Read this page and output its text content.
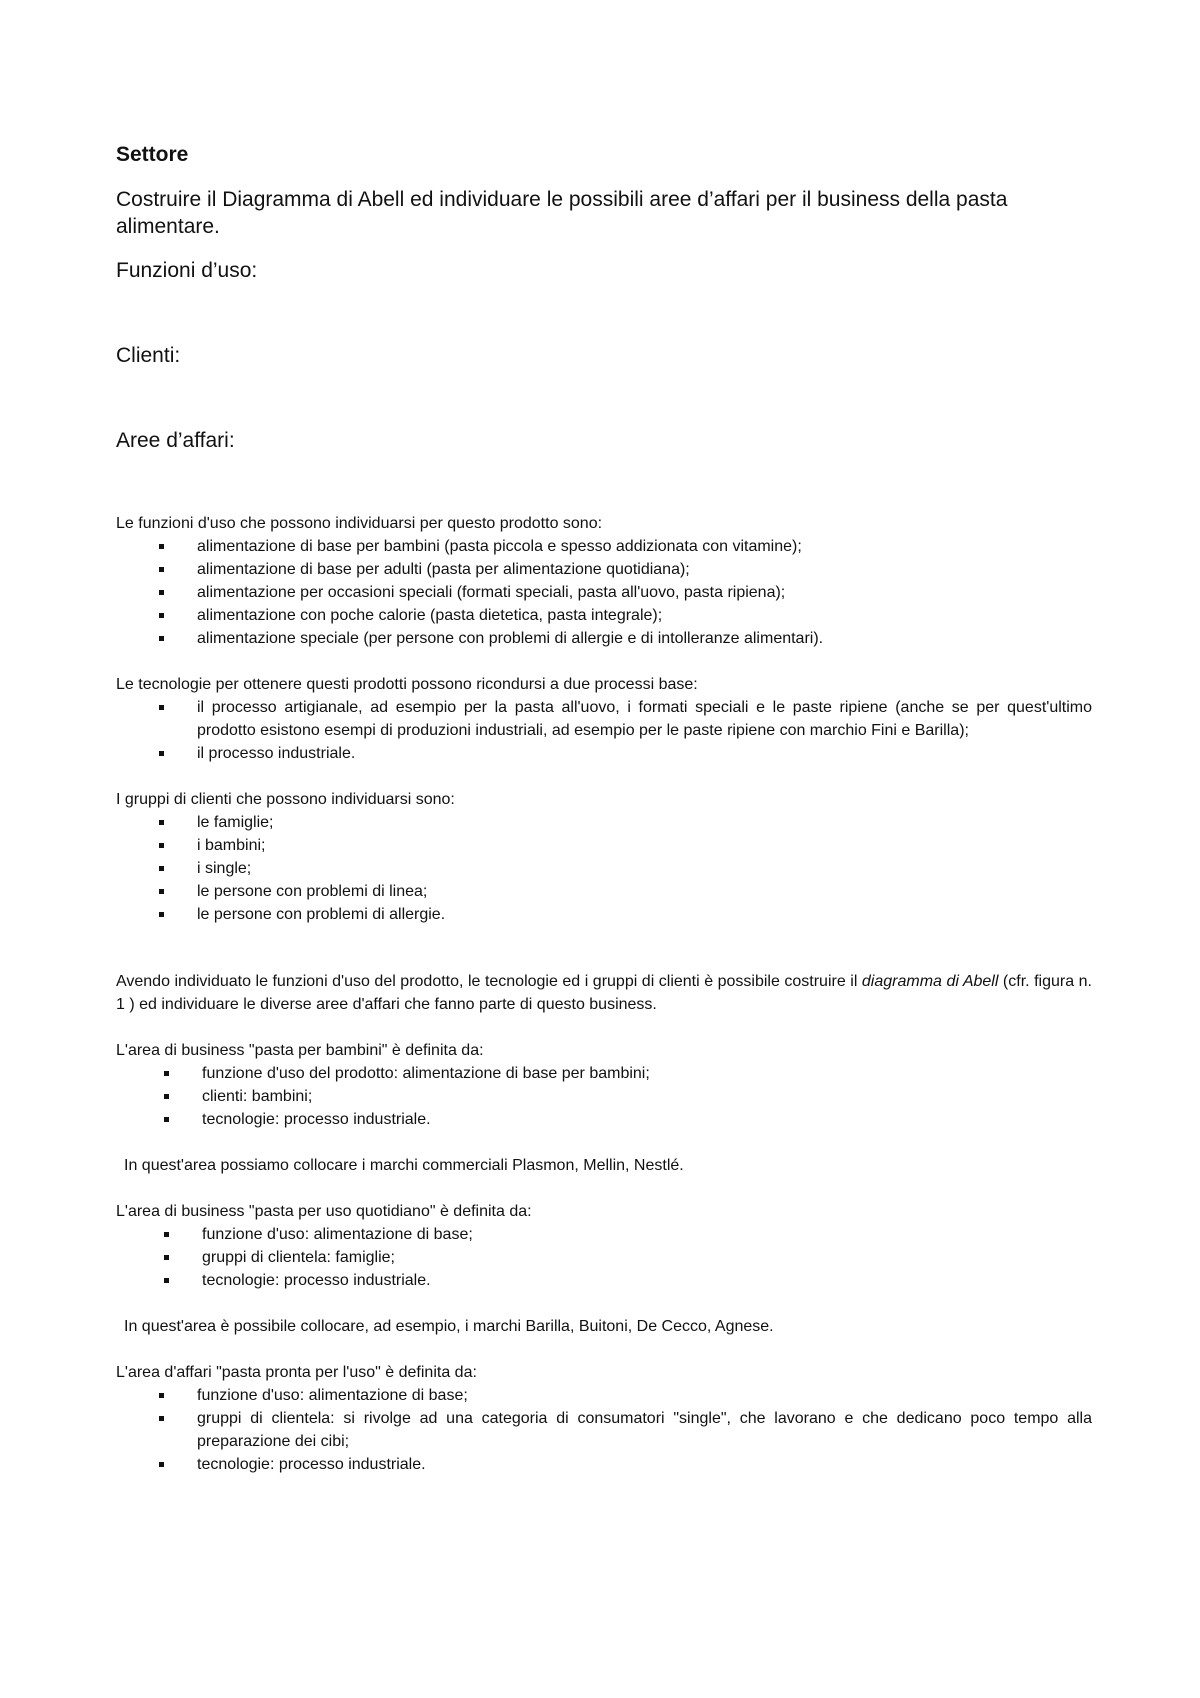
Settore

Costruire il Diagramma di Abell ed individuare le possibili aree d’affari per il business della pasta alimentare.

Funzioni d’uso:

Clienti:

Aree d’affari:

Le funzioni d'uso che possono individuarsi per questo prodotto sono:

alimentazione di base per bambini (pasta piccola e spesso addizionata con vitamine);
alimentazione di base per adulti (pasta per alimentazione quotidiana);
alimentazione per occasioni speciali (formati speciali, pasta all'uovo, pasta ripiena);
alimentazione con poche calorie (pasta dietetica, pasta integrale);
alimentazione speciale (per persone con problemi di allergie e di intolleranze alimentari).

Le tecnologie per ottenere questi prodotti possono ricondursi a due processi base:

il processo artigianale, ad esempio per la pasta all'uovo, i formati speciali e le paste ripiene (anche se per quest'ultimo prodotto esistono esempi di produzioni industriali, ad esempio per le paste ripiene con marchio Fini e Barilla);
il processo industriale.

I gruppi di clienti che possono individuarsi sono:

le famiglie;
i bambini;
i single;
le persone con problemi di linea;
le persone con problemi di allergie.

Avendo individuato le funzioni d'uso del prodotto, le tecnologie ed i gruppi di clienti è possibile costruire il diagramma di Abell (cfr. figura n. 1 ) ed individuare le diverse aree d'affari che fanno parte di questo business.

L'area di business "pasta per bambini" è definita da:

funzione d'uso del prodotto: alimentazione di base per bambini;
clienti: bambini;
tecnologie: processo industriale.

In quest'area possiamo collocare i marchi commerciali Plasmon, Mellin, Nestlé.

L'area di business "pasta per uso quotidiano" è definita da:

funzione d'uso: alimentazione di base;
gruppi di clientela: famiglie;
tecnologie: processo industriale.

In quest'area è possibile collocare, ad esempio, i marchi Barilla, Buitoni, De Cecco, Agnese.

L'area d'affari "pasta pronta per l'uso" è definita da:

funzione d'uso: alimentazione di base;
gruppi di clientela: si rivolge ad una categoria di consumatori "single", che lavorano e che dedicano poco tempo alla preparazione dei cibi;
tecnologie: processo industriale.
